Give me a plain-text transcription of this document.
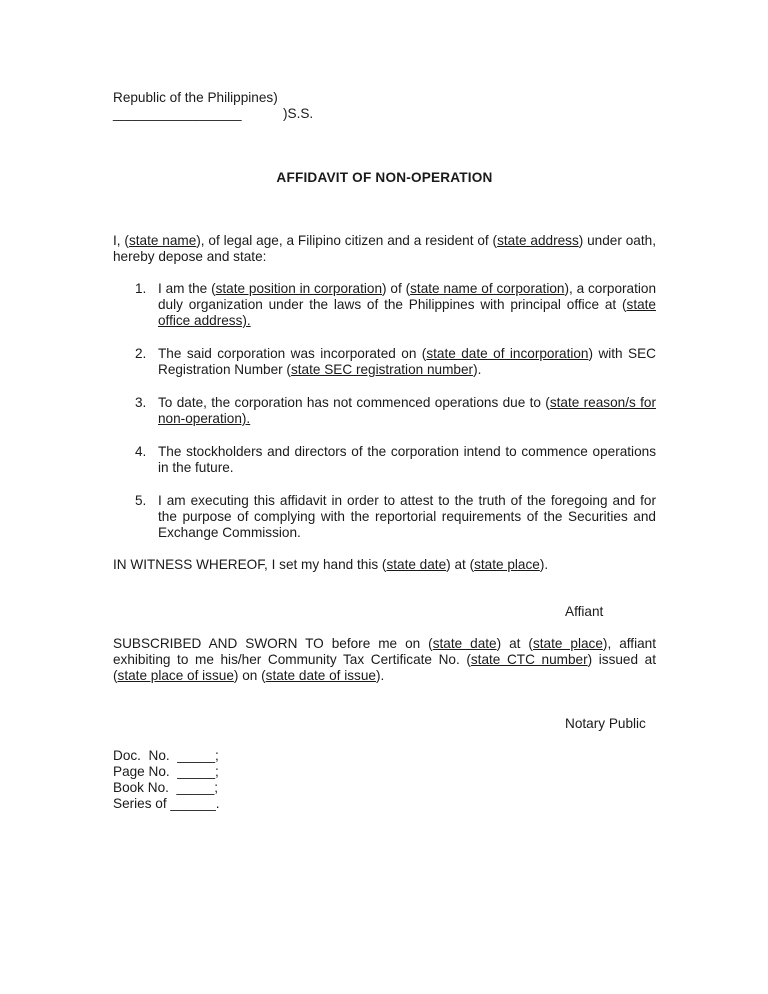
Republic of the Philippines)
_________________	)S.S.
AFFIDAVIT OF NON-OPERATION
I, (state name), of legal age, a Filipino citizen and a resident of (state address) under oath, hereby depose and state:
1. I am the (state position in corporation) of (state name of corporation), a corporation duly organization under the laws of the Philippines with principal office at (state office address).
2. The said corporation was incorporated on (state date of incorporation) with SEC Registration Number (state SEC registration number).
3. To date, the corporation has not commenced operations due to (state reason/s for non-operation).
4. The stockholders and directors of the corporation intend to commence operations in the future.
5. I am executing this affidavit in order to attest to the truth of the foregoing and for the purpose of complying with the reportorial requirements of the Securities and Exchange Commission.
IN WITNESS WHEREOF, I set my hand this (state date) at (state place).
Affiant
SUBSCRIBED AND SWORN TO before me on (state date) at (state place), affiant exhibiting to me his/her Community Tax Certificate No. (state CTC number) issued at (state place of issue) on (state date of issue).
Notary Public
Doc.  No.  _____;
Page No.  _____;
Book No.  _____;
Series of ______.
